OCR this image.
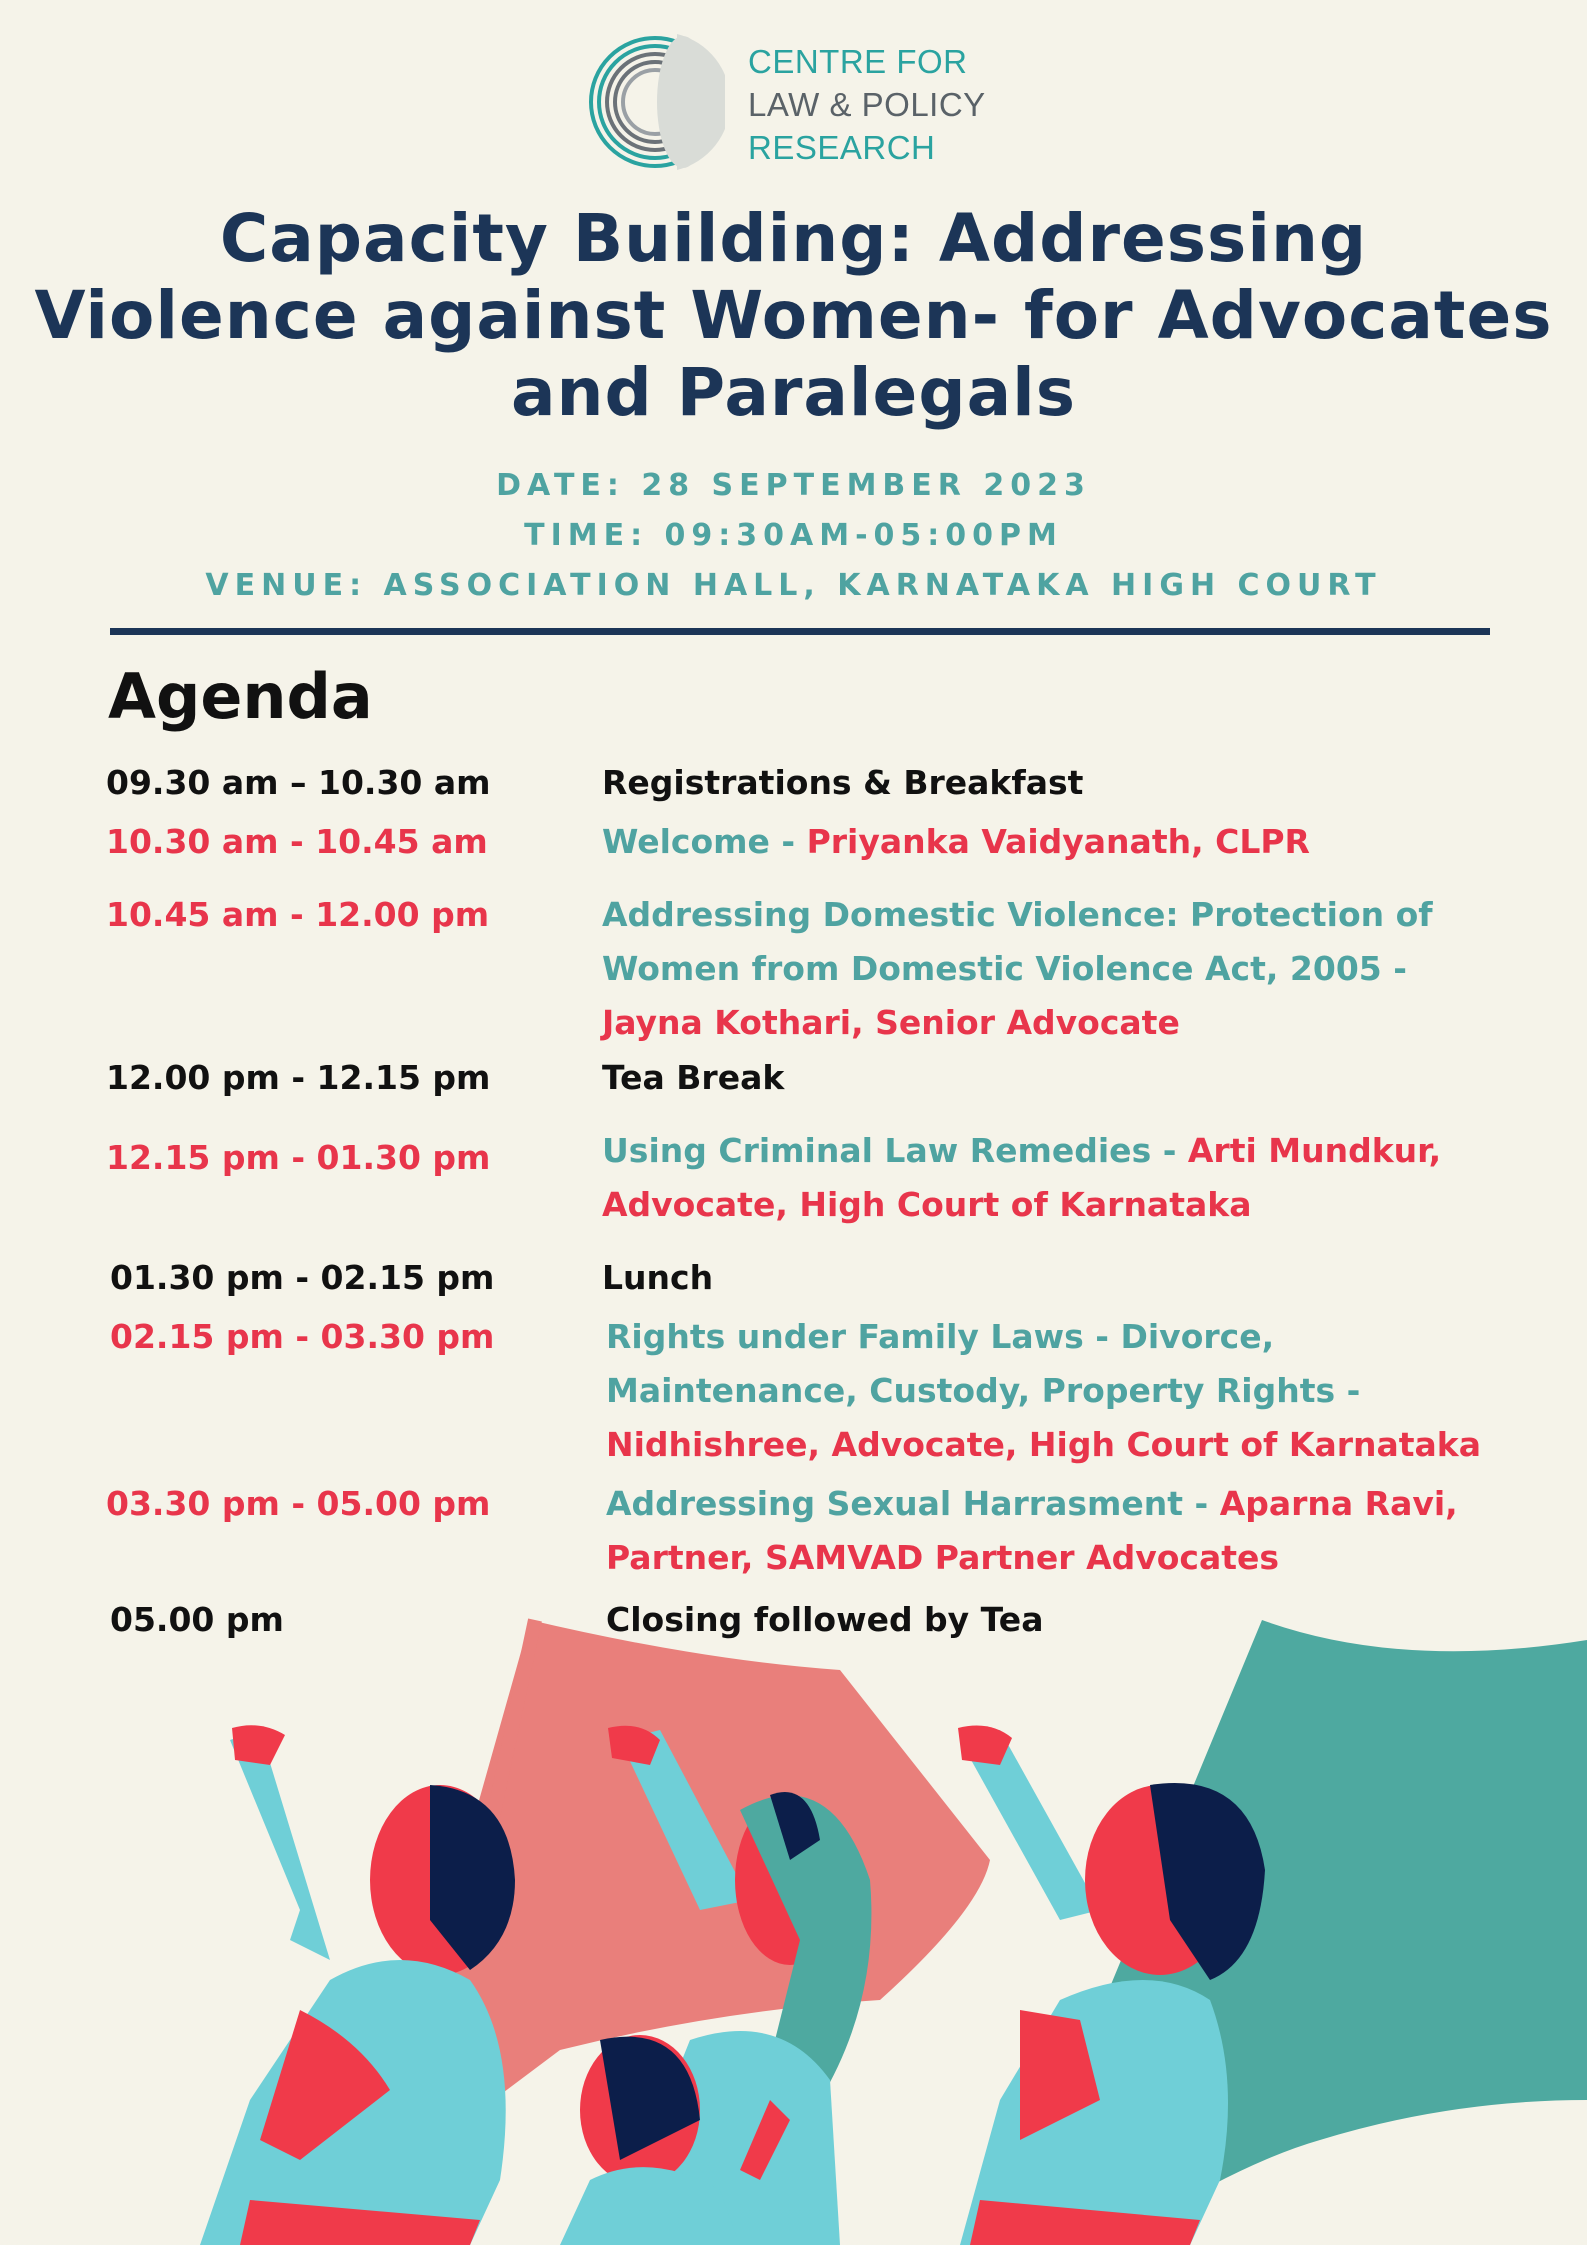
CENTRE FOR
LAW & POLICY
RESEARCH
Capacity Building: Addressing
Violence against Women- for Advocates
and Paralegals
DATE: 28 SEPTEMBER 2023
TIME: 09:30AM-05:00PM
VENUE: ASSOCIATION HALL, KARNATAKA HIGH COURT
Agenda
09.30 am – 10.30 am	Registrations & Breakfast
10.30 am - 10.45 am	Welcome - Priyanka Vaidyanath, CLPR
10.45 am - 12.00 pm	Addressing Domestic Violence: Protection of Women from Domestic Violence Act, 2005 - Jayna Kothari, Senior Advocate
12.00 pm - 12.15 pm	Tea Break
12.15 pm - 01.30 pm	Using Criminal Law Remedies - Arti Mundkur, Advocate, High Court of Karnataka
01.30 pm - 02.15 pm	Lunch
02.15 pm - 03.30 pm	Rights under Family Laws - Divorce, Maintenance, Custody, Property Rights - Nidhishree, Advocate, High Court of Karnataka
03.30 pm - 05.00 pm	Addressing Sexual Harrasment - Aparna Ravi, Partner, SAMVAD Partner Advocates
05.00 pm	Closing followed by Tea
